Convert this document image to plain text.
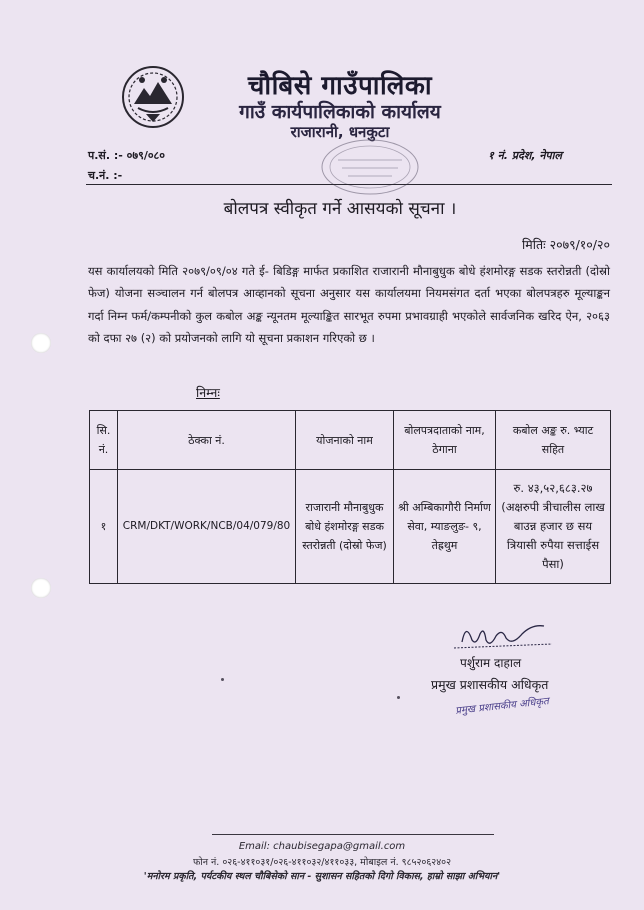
चौबिसे गाउँपालिका
गाउँ कार्यपालिकाको कार्यालय
राजारानी, धनकुटा
प.सं. :- ०७९/०८०
च.नं. :-
१ नं. प्रदेश, नेपाल
बोलपत्र स्वीकृत गर्ने आसयको सूचना ।
मितिः २०७९/१०/२०
यस कार्यालयको मिति २०७९/०९/०४ गते ई- बिडिङ्ग मार्फत प्रकाशित राजारानी मौनाबुधुक बोधे हंशमोरङ्ग सडक स्तरोन्नती (दोस्रो फेज) योजना सञ्चालन गर्न बोलपत्र आव्हानको सूचना अनुसार यस कार्यालयमा नियमसंगत दर्ता भएका बोलपत्रहरु मूल्याङ्कन गर्दा निम्न फर्म/कम्पनीको कुल कबोल अङ्क न्यूनतम मूल्याङ्कित सारभूत रुपमा प्रभावग्राही भएकोले सार्वजनिक खरिद ऐन, २०६३ को दफा २७ (२) को प्रयोजनको लागि यो सूचना प्रकाशन गरिएको छ ।
निम्नः
सि. नं.	ठेक्का नं.	योजनाको नाम	बोलपत्रदाताको नाम, ठेगाना	कबोल अङ्क रु. भ्याट सहित
१	CRM/DKT/WORK/NCB/04/079/80	राजारानी मौनाबुधुक बोधे हंशमोरङ्ग सडक स्तरोन्नती (दोस्रो फेज)	श्री अम्बिकागौरी निर्माण सेवा, म्याङलुङ- ९, तेह्रथुम	रु. ४३,५२,६८३.२७ (अक्षरुपी त्रीचालीस लाख बाउन्न हजार छ सय त्रियासी रुपैया सत्ताईस पैसा)
पर्शुराम दाहाल
प्रमुख प्रशासकीय अधिकृत
प्रमुख प्रशासकीय अधिकृत
Email: chaubisegapa@gmail.com
फोन नं. ०२६-४११०३१/०२६-४११०३२/४११०३३, मोबाइल नं. ९८५२०६२४०२
'मनोरम प्रकृति, पर्यटकीय स्थल चौबिसेको सान - सुशासन सहितको दिगो विकास, हाम्रो साझा अभियान'
